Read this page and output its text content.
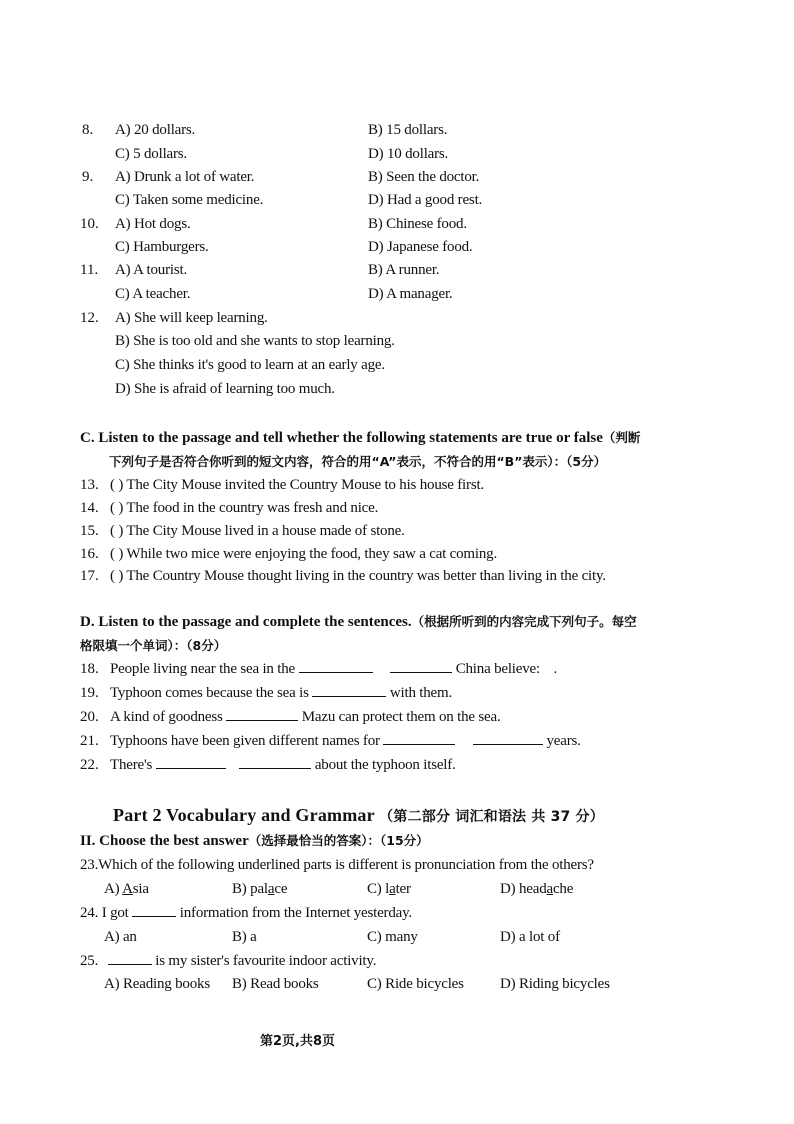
8. A) 20 dollars.	B) 15 dollars.
C) 5 dollars.	D) 10 dollars.
9. A) Drunk a lot of water.	B) Seen the doctor.
C) Taken some medicine.	D) Had a good rest.
10. A) Hot dogs.	B) Chinese food.
C) Hamburgers.	D) Japanese food.
11. A) A tourist.	B) A runner.
C) A teacher.	D) A manager.
12. A) She will keep learning.
B) She is too old and she wants to stop learning.
C) She thinks it's good to learn at an early age.
D) She is afraid of learning too much.
C. Listen to the passage and tell whether the following statements are true or false（判断
下列句子是否符合你听到的短文内容，符合的用“A”表示，不符合的用“B”表示）：（5分）
13. ( ) The City Mouse invited the Country Mouse to his house first.
14. ( ) The food in the country was fresh and nice.
15. ( ) The City Mouse lived in a house made of stone.
16. ( ) While two mice were enjoying the food, they saw a cat coming.
17. ( ) The Country Mouse thought living in the country was better than living in the city.
D. Listen to the passage and complete the sentences.（根据所听到的内容完成下列句子。每空
格限填一个单词）：（8分）
18. People living near the sea in the	China believe: .
19. Typhoon comes because the sea is	with them.
20. A kind of goodness	Mazu can protect them on the sea.
21. Typhoons have been given different names for	years.
22. There's	about the typhoon itself.
Part 2 Vocabulary and Grammar （第二部分 词汇和语法 共 37 分）
II. Choose the best answer（选择最恰当的答案）：（15分）
23.Which of the following underlined parts is different is pronunciation from the others?
A) Asia	B) palace	C) later	D) headache
24. I got	information from the Internet yesterday.
A) an	B) a	C) many	D) a lot of
25.	is my sister's favourite indoor activity.
A) Reading books B) Read books	C) Ride bicycles D) Riding bicycles
第2页,共8页
